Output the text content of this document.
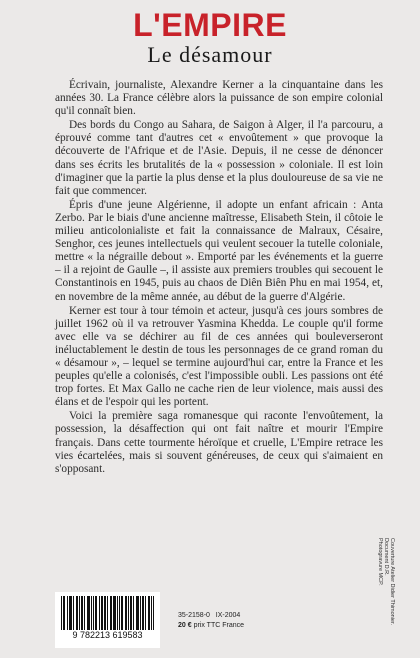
L'EMPIRE
Le désamour

Écrivain, journaliste, Alexandre Kerner a la cinquantaine dans les années 30. La France célèbre alors la puissance de son empire colonial qu'il connaît bien.

Des bords du Congo au Sahara, de Saigon à Alger, il l'a parcouru, a éprouvé comme tant d'autres cet « envoûtement » que provoque la découverte de l'Afrique et de l'Asie. Depuis, il ne cesse de dénoncer dans ses écrits les brutalités de la « possession » coloniale. Il est loin d'imaginer que la partie la plus dense et la plus douloureuse de sa vie ne fait que commencer.

Épris d'une jeune Algérienne, il adopte un enfant africain : Anta Zerbo. Par le biais d'une ancienne maîtresse, Elisabeth Stein, il côtoie le milieu anticolonialiste et fait la connaissance de Malraux, Césaire, Senghor, ces jeunes intellectuels qui veulent secouer la tutelle coloniale, mettre « la négraille debout ». Emporté par les événements et la guerre – il a rejoint de Gaulle –, il assiste aux premiers troubles qui secouent le Constantinois en 1945, puis au chaos de Diên Biên Phu en mai 1954, et, en novembre de la même année, au début de la guerre d'Algérie.

Kerner est tour à tour témoin et acteur, jusqu'à ces jours sombres de juillet 1962 où il va retrouver Yasmina Khedda. Le couple qu'il forme avec elle va se déchirer au fil de ces années qui bouleverseront inéluctablement le destin de tous les personnages de ce grand roman du « désamour », – lequel se termine aujourd'hui car, entre la France et les peuples qu'elle a colonisés, c'est l'impossible oubli. Les passions ont été trop fortes. Et Max Gallo ne cache rien de leur violence, mais aussi des élans et de l'espoir qui les portent.

Voici la première saga romanesque qui raconte l'envoûtement, la possession, la désaffection qui ont fait naître et mourir l'Empire français. Dans cette tourmente héroïque et cruelle, L'Empire retrace les vies écartelées, mais si souvent généreuses, de ceux qui s'aimaient en s'opposant.

9 782213 619583
35-2158-0 IX-2004
20 € prix TTC France
Couverture Atelier Didier Thimonier.
Document D.R.
Photogravure MCP.
